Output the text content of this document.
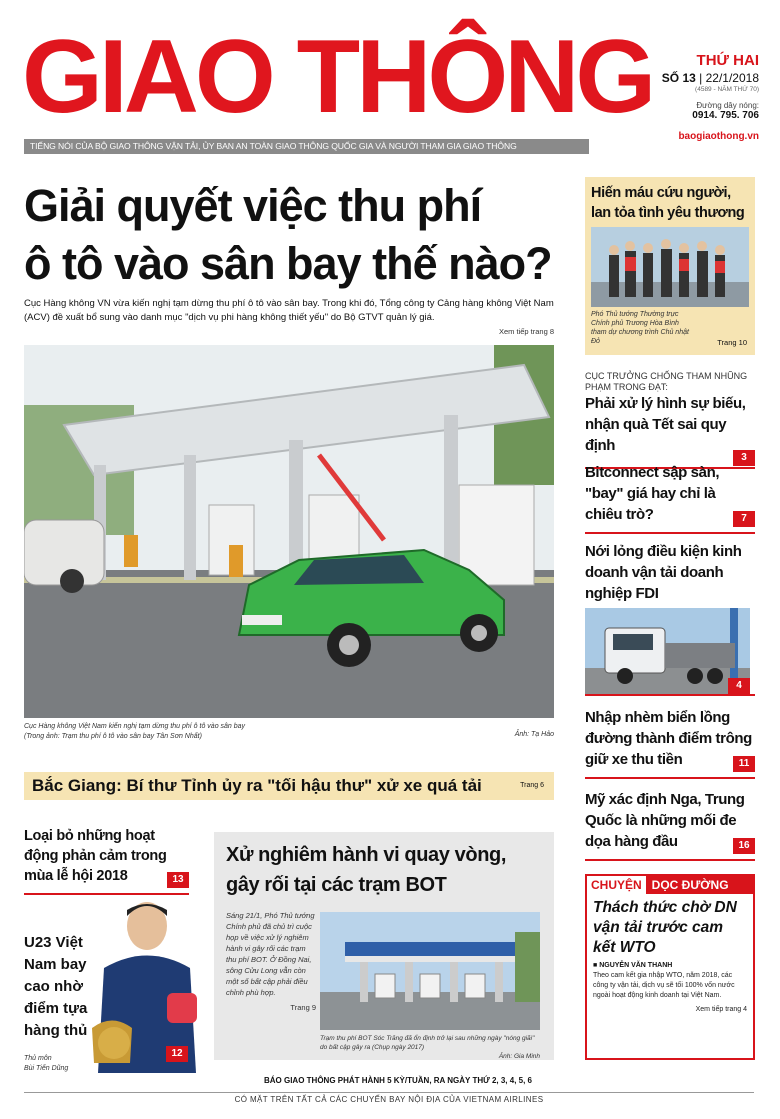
GIAO THÔNG
TIẾNG NÓI CỦA BỘ GIAO THÔNG VẬN TẢI, ỦY BAN AN TOÀN GIAO THÔNG QUỐC GIA VÀ NGƯỜI THAM GIA GIAO THÔNG
THỨ HAI
SỐ 13 | 22/1/2018
(4589 - NĂM THỨ 70)
Đường dây nóng:
0914. 795. 706
baogiaothong.vn
Giải quyết việc thu phí
ô tô vào sân bay thế nào?
Cục Hàng không VN vừa kiến nghị tạm dừng thu phí ô tô vào sân bay. Trong khi đó, Tổng công ty Cảng hàng không Việt Nam (ACV) đề xuất bổ sung vào danh mục "dịch vụ phi hàng không thiết yếu" do Bộ GTVT quản lý giá.
Xem tiếp trang 8
Cục Hàng không Việt Nam kiến nghị tạm dừng thu phí ô tô vào sân bay
(Trong ảnh: Trạm thu phí ô tô vào sân bay Tân Sơn Nhất)	Ảnh: Tạ Hảo
Bắc Giang: Bí thư Tỉnh ủy ra "tối hậu thư" xử xe quá tải	Trang 6
Hiến máu cứu người, lan tỏa tình yêu thương
Phó Thủ tướng Thường trực Chính phủ Trương Hòa Bình tham dự chương trình Chủ nhật Đỏ	Trang 10
CỤC TRƯỞNG CHỐNG THAM NHŨNG PHẠM TRONG ĐẠT:
Phải xử lý hình sự biếu, nhận quà Tết sai quy định
3
Bitconnect sập sàn, "bay" giá hay chỉ là chiêu trò?	7
Nới lỏng điều kiện kinh doanh vận tải doanh nghiệp FDI
4
Nhập nhèm biển lồng đường thành điểm trông giữ xe thu tiền	11
Mỹ xác định Nga, Trung Quốc là những mối đe dọa hàng đầu	16
Loại bỏ những hoạt động phản cảm trong mùa lễ hội 2018	13
U23 Việt Nam bay cao nhờ điểm tựa hàng thủ
Thủ môn
Bùi Tiến Dũng
12
Xử nghiêm hành vi quay vòng, gây rối tại các trạm BOT
Sáng 21/1, Phó Thủ tướng Chính phủ đã chủ trì cuộc họp về việc xử lý nghiêm hành vi gây rối các trạm thu phí BOT. Ở Đồng Nai, sông Cửu Long vẫn còn một số bất cập phải điều chỉnh phù hợp.
Trang 9
Trạm thu phí BOT Sóc Trăng đã ổn định trở lại sau những ngày "nóng giãi" do bất cập gây ra (Chụp ngày 2017)
Ảnh: Gia Minh
CHUYỆN DỌC ĐƯỜNG
Thách thức chờ DN vận tải trước cam kết WTO
■ NGUYỄN VĂN THANH
Theo cam kết gia nhập WTO, năm 2018, các công ty vận tải, dịch vụ sẽ tối 100% vốn nước ngoài hoạt động kinh doanh tại Việt Nam.
Xem tiếp trang 4
BÁO GIAO THÔNG PHÁT HÀNH 5 KỲ/TUẦN, RA NGÀY THỨ 2, 3, 4, 5, 6
CÓ MẶT TRÊN TẤT CẢ CÁC CHUYẾN BAY NỘI ĐỊA CỦA VIETNAM AIRLINES
